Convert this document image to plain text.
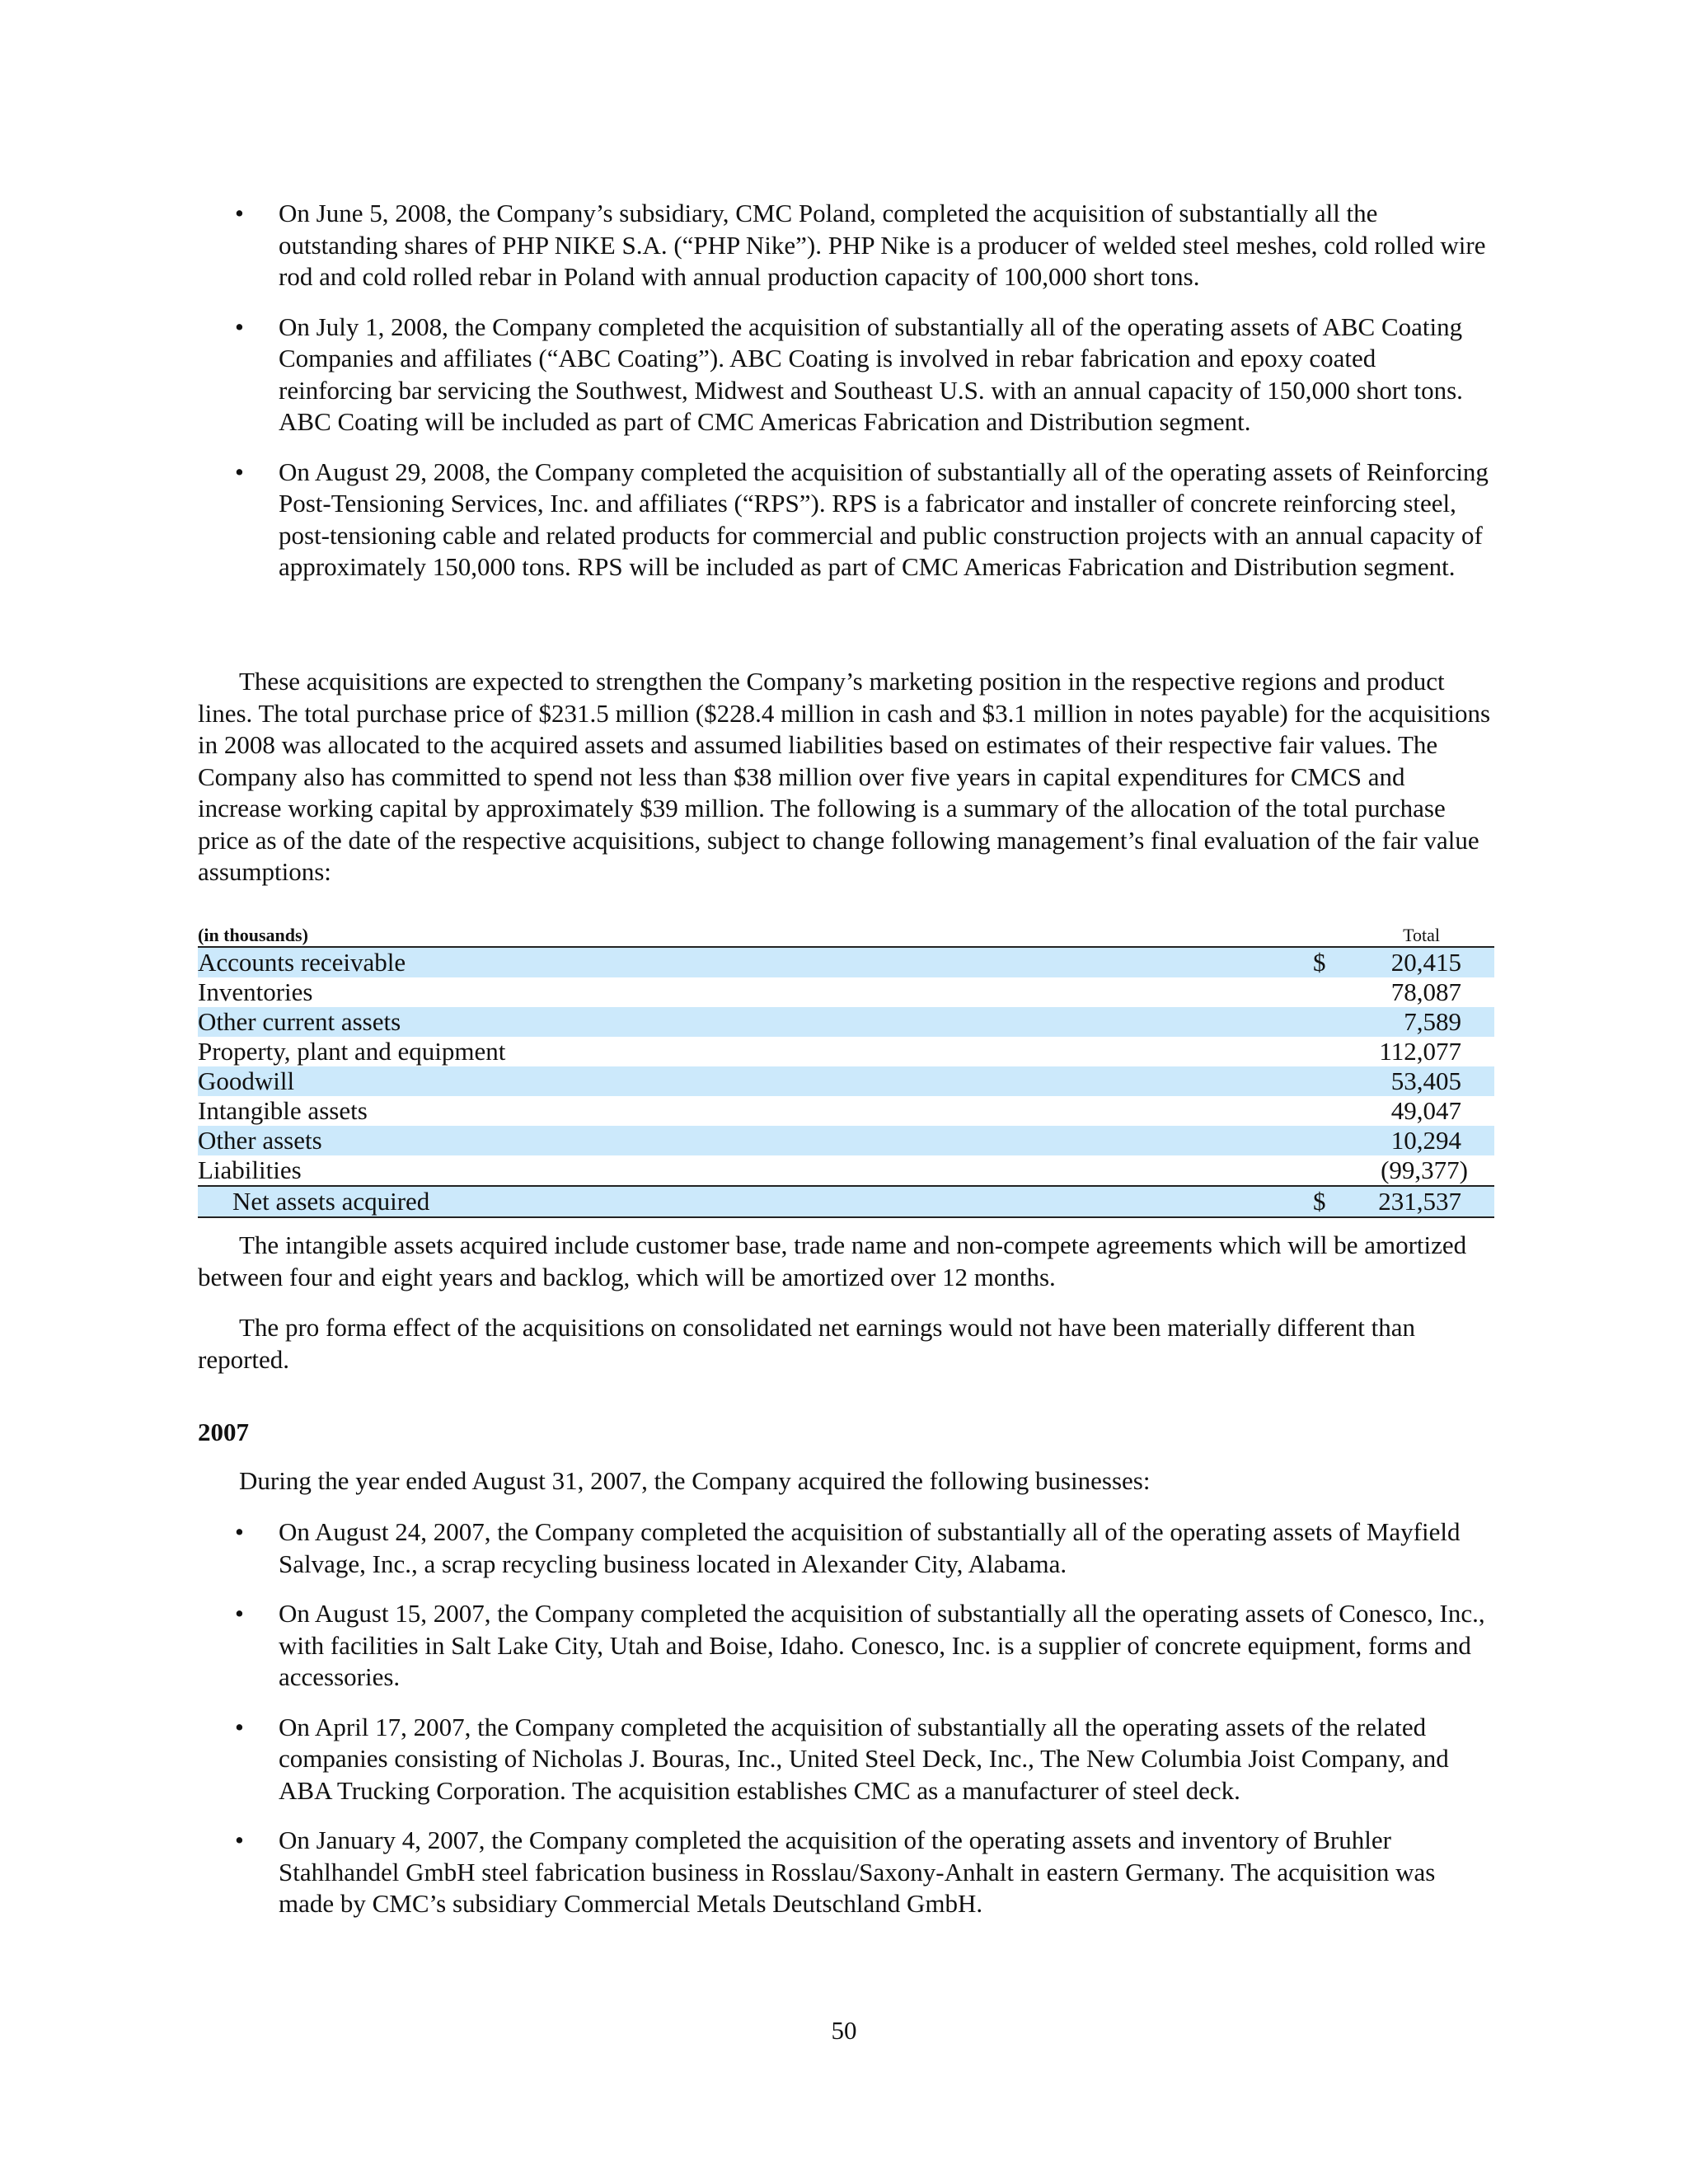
• On June 5, 2008, the Company’s subsidiary, CMC Poland, completed the acquisition of substantially all the outstanding shares of PHP NIKE S.A. (“PHP Nike”). PHP Nike is a producer of welded steel meshes, cold rolled wire rod and cold rolled rebar in Poland with annual production capacity of 100,000 short tons.
• On July 1, 2008, the Company completed the acquisition of substantially all of the operating assets of ABC Coating Companies and affiliates (“ABC Coating”). ABC Coating is involved in rebar fabrication and epoxy coated reinforcing bar servicing the Southwest, Midwest and Southeast U.S. with an annual capacity of 150,000 short tons. ABC Coating will be included as part of CMC Americas Fabrication and Distribution segment.
• On August 29, 2008, the Company completed the acquisition of substantially all of the operating assets of Reinforcing Post-Tensioning Services, Inc. and affiliates (“RPS”). RPS is a fabricator and installer of concrete reinforcing steel, post-tensioning cable and related products for commercial and public construction projects with an annual capacity of approximately 150,000 tons. RPS will be included as part of CMC Americas Fabrication and Distribution segment.

These acquisitions are expected to strengthen the Company’s marketing position in the respective regions and product lines. The total purchase price of $231.5 million ($228.4 million in cash and $3.1 million in notes payable) for the acquisitions in 2008 was allocated to the acquired assets and assumed liabilities based on estimates of their respective fair values. The Company also has committed to spend not less than $38 million over five years in capital expenditures for CMCS and increase working capital by approximately $39 million. The following is a summary of the allocation of the total purchase price as of the date of the respective acquisitions, subject to change following management’s final evaluation of the fair value assumptions:

(in thousands)	Total
Accounts receivable	$ 20,415
Inventories	78,087
Other current assets	7,589
Property, plant and equipment	112,077
Goodwill	53,405
Intangible assets	49,047
Other assets	10,294
Liabilities	(99,377)
Net assets acquired	$ 231,537

The intangible assets acquired include customer base, trade name and non-compete agreements which will be amortized between four and eight years and backlog, which will be amortized over 12 months.

The pro forma effect of the acquisitions on consolidated net earnings would not have been materially different than reported.

2007

During the year ended August 31, 2007, the Company acquired the following businesses:

• On August 24, 2007, the Company completed the acquisition of substantially all of the operating assets of Mayfield Salvage, Inc., a scrap recycling business located in Alexander City, Alabama.
• On August 15, 2007, the Company completed the acquisition of substantially all the operating assets of Conesco, Inc., with facilities in Salt Lake City, Utah and Boise, Idaho. Conesco, Inc. is a supplier of concrete equipment, forms and accessories.
• On April 17, 2007, the Company completed the acquisition of substantially all the operating assets of the related companies consisting of Nicholas J. Bouras, Inc., United Steel Deck, Inc., The New Columbia Joist Company, and ABA Trucking Corporation. The acquisition establishes CMC as a manufacturer of steel deck.
• On January 4, 2007, the Company completed the acquisition of the operating assets and inventory of Bruhler Stahlhandel GmbH steel fabrication business in Rosslau/Saxony-Anhalt in eastern Germany. The acquisition was made by CMC’s subsidiary Commercial Metals Deutschland GmbH.
50
